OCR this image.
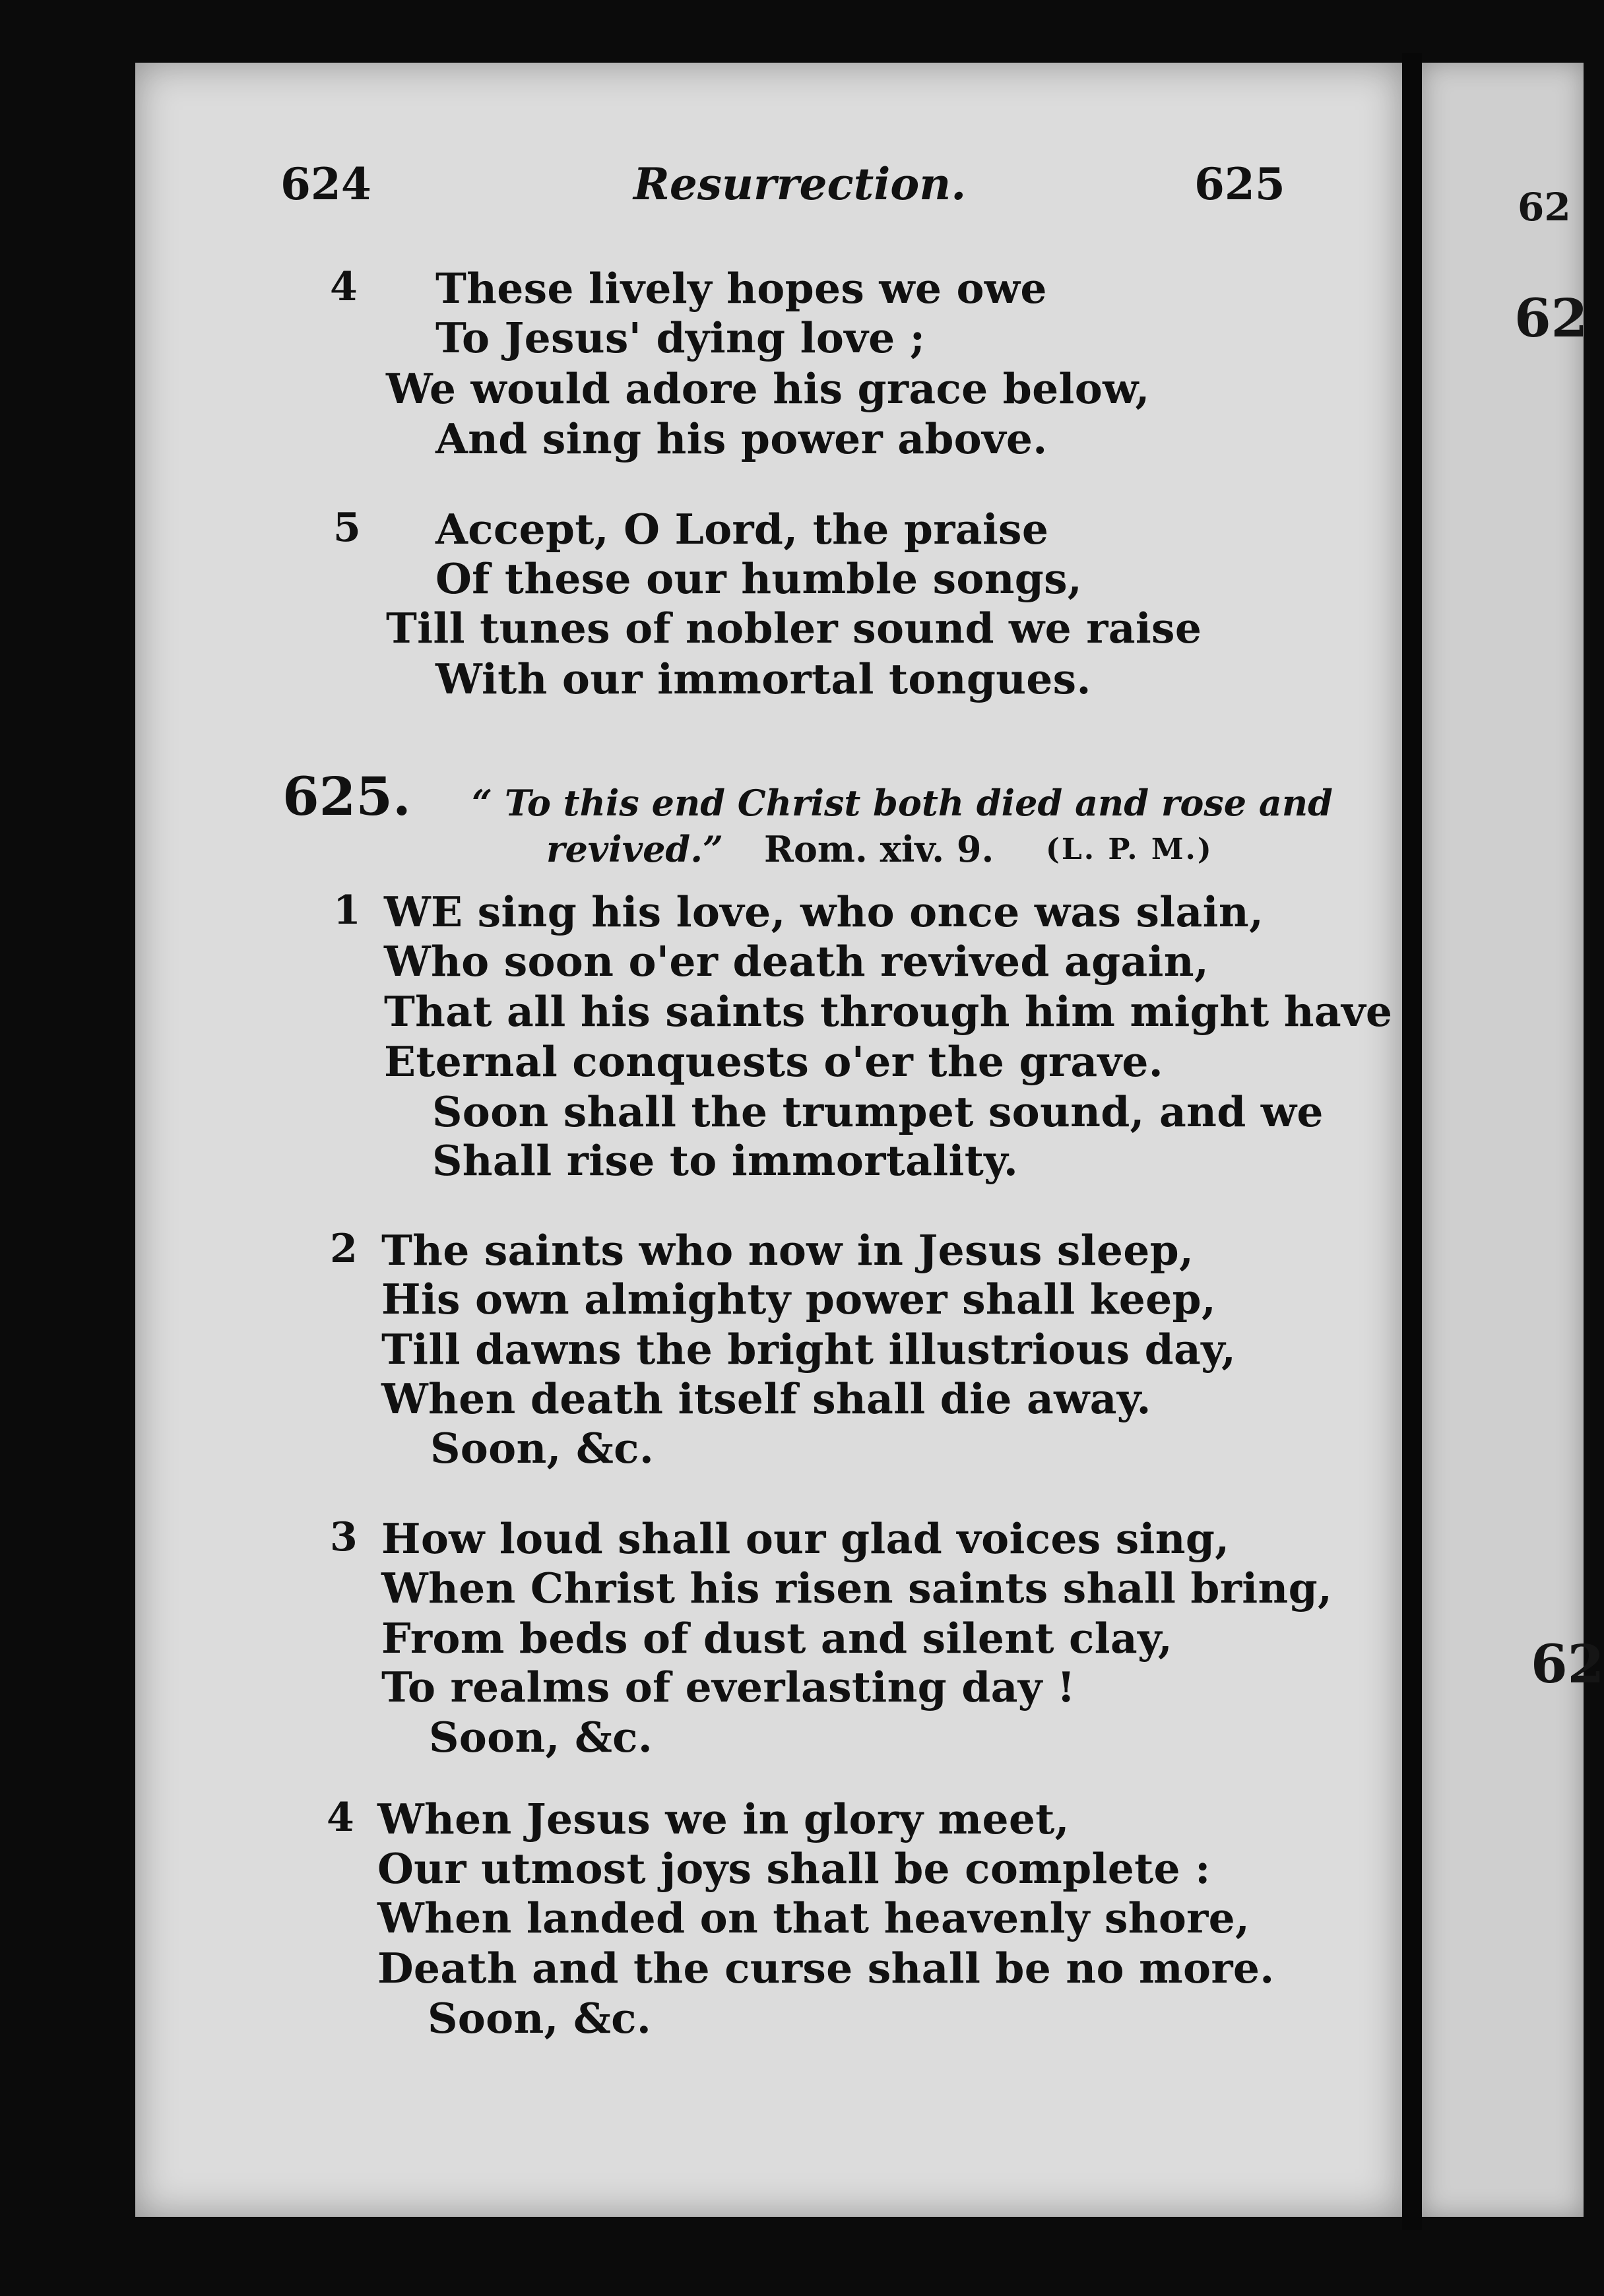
62
62
62
624	Resurrection.	625
4 These lively hopes we owe
To Jesus' dying love ;
We would adore his grace below,
And sing his power above.
5 Accept, O Lord, the praise
Of these our humble songs,
Till tunes of nobler sound we raise
With our immortal tongues.
625. “ To this end Christ both died and rose and
revived.” Rom. xiv. 9. (L. P. M.)
1 WE sing his love, who once was slain,
Who soon o'er death revived again,
That all his saints through him might have
Eternal conquests o'er the grave.
Soon shall the trumpet sound, and we
Shall rise to immortality.
2 The saints who now in Jesus sleep,
His own almighty power shall keep,
Till dawns the bright illustrious day,
When death itself shall die away.
Soon, &c.
3 How loud shall our glad voices sing,
When Christ his risen saints shall bring,
From beds of dust and silent clay,
To realms of everlasting day !
Soon, &c.
4 When Jesus we in glory meet,
Our utmost joys shall be complete :
When landed on that heavenly shore,
Death and the curse shall be no more.
Soon, &c.
